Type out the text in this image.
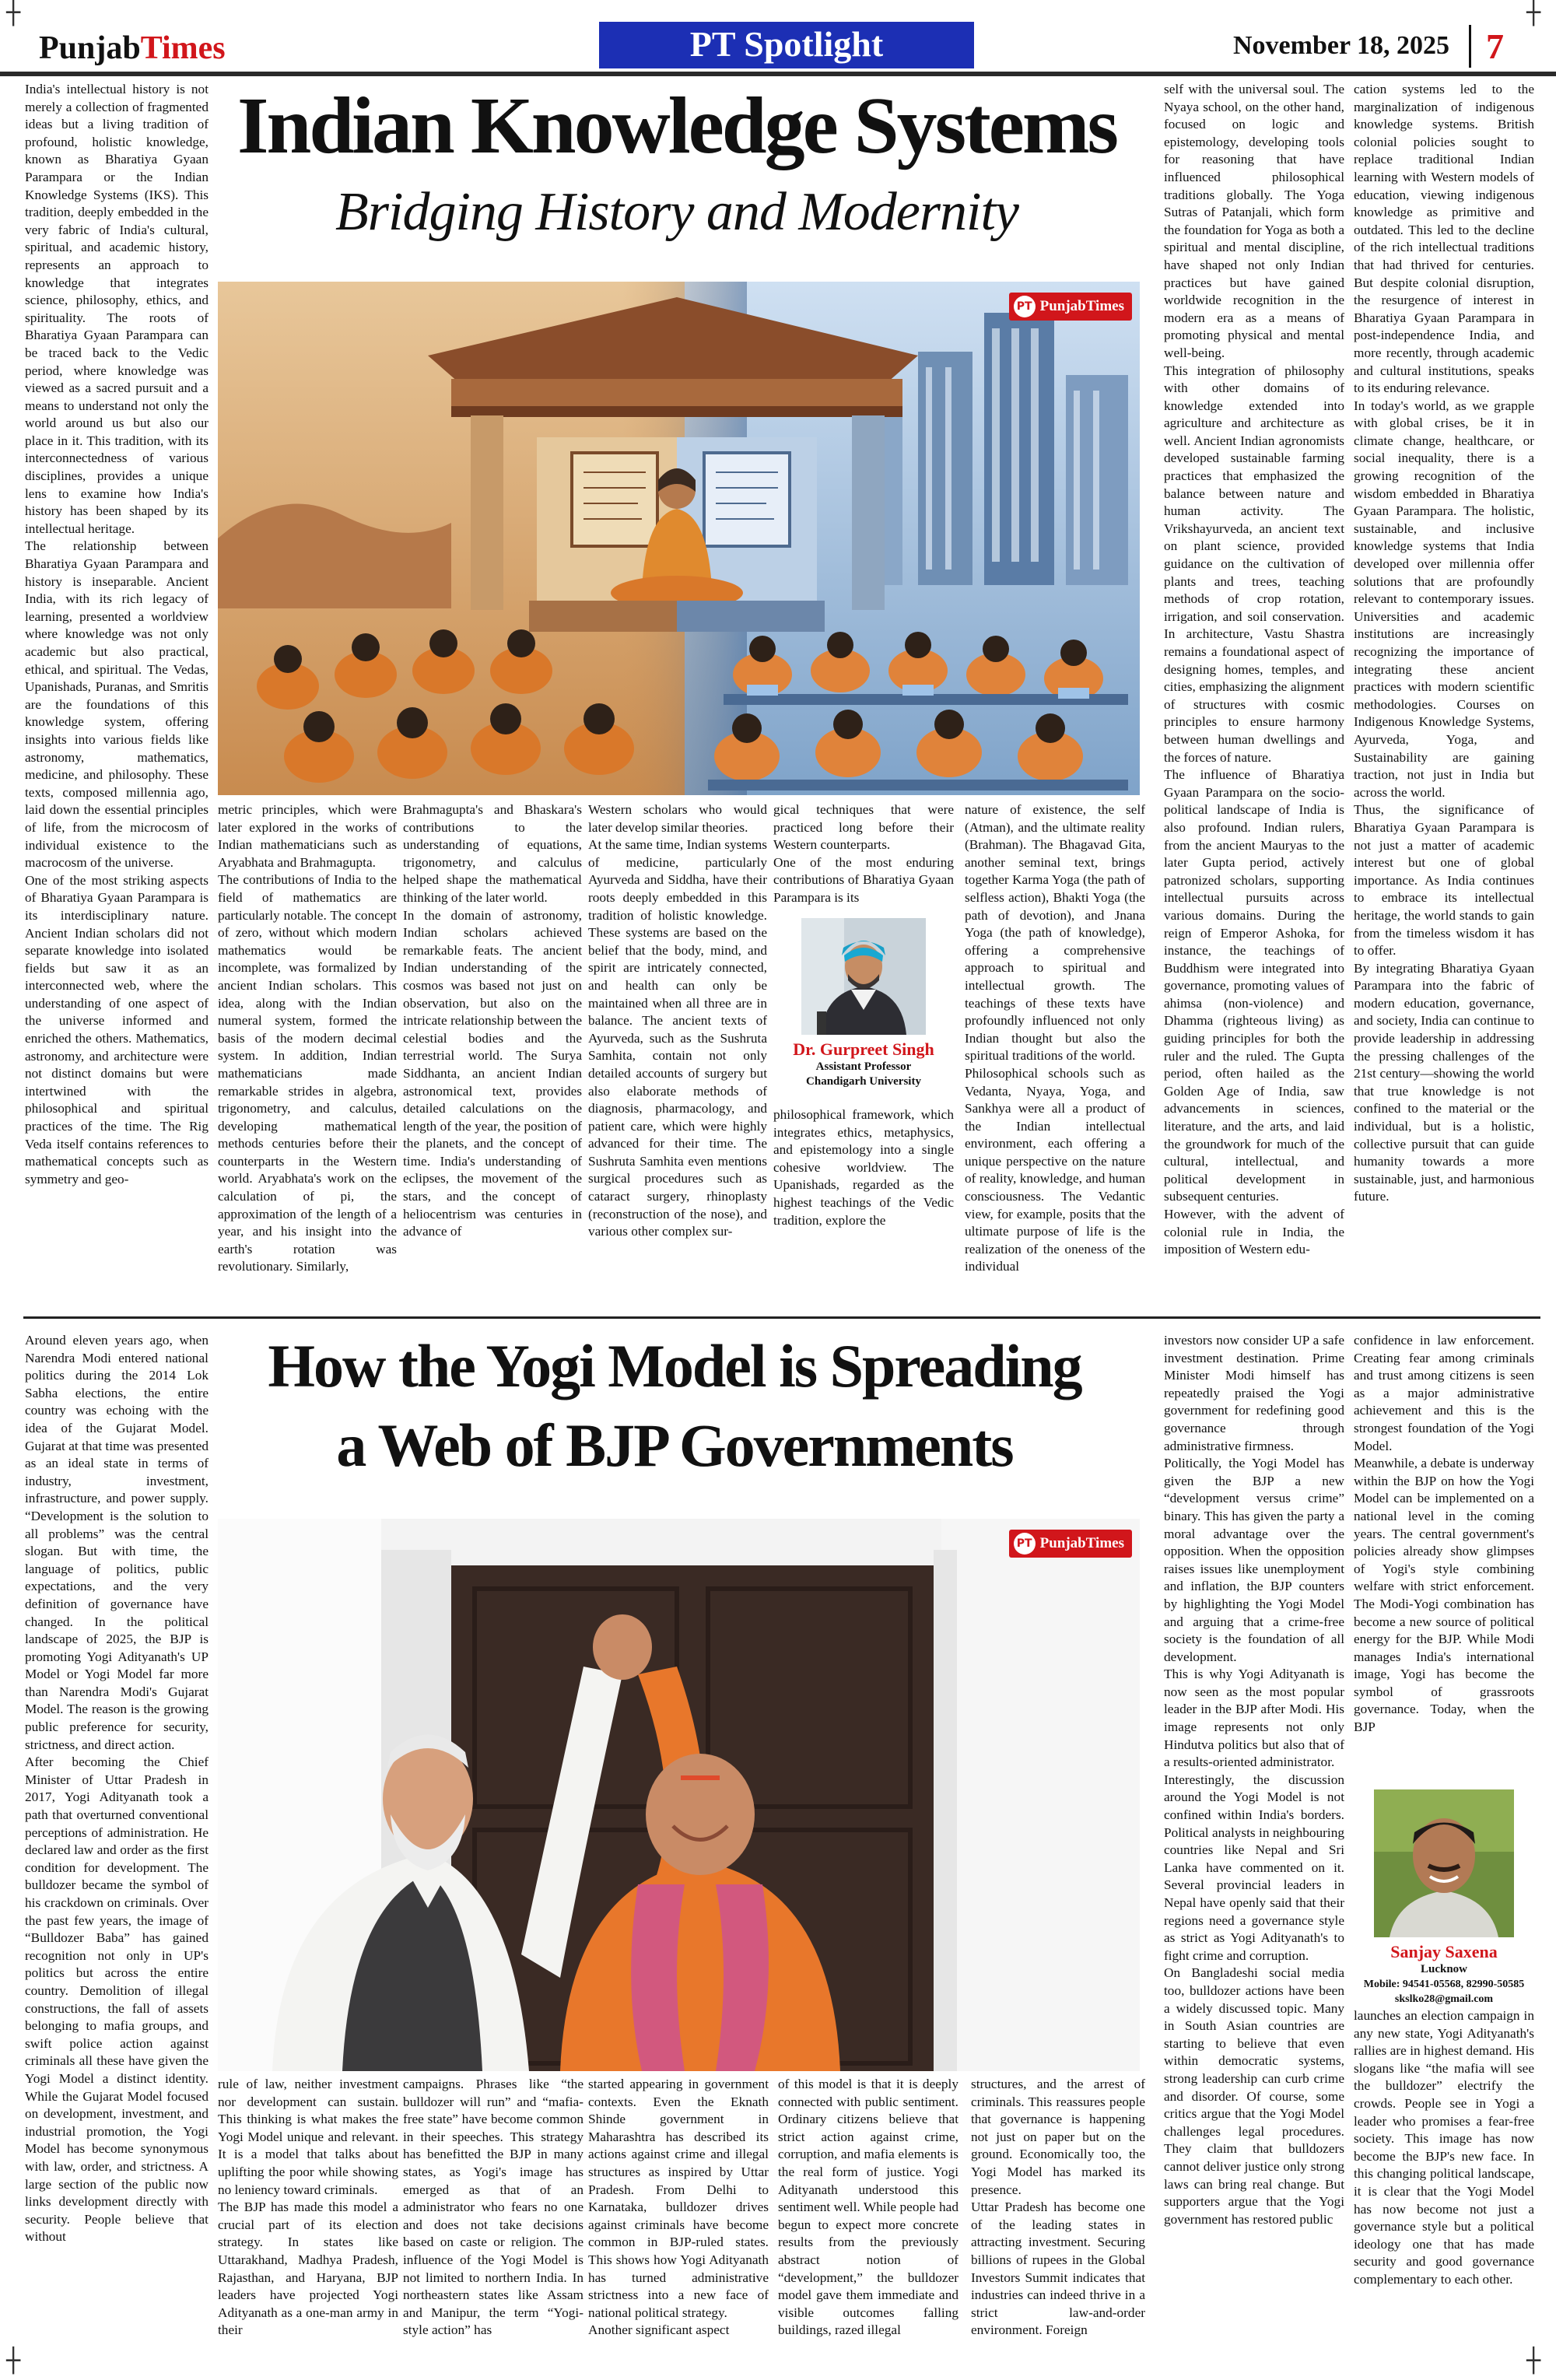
┼	┼
PunjabTimes	PT Spotlight	November 18, 2025 7
Indian Knowledge Systems
Bridging History and Modernity
India's intellectual history is not merely a collection of fragmented ideas but a living tradition of profound, holistic knowledge, known as Bharatiya Gyaan Parampara or the Indian Knowledge Systems (IKS). This tradition, deeply embedded in the very fabric of India's cultural, spiritual, and academic history, represents an approach to knowledge that integrates science, philosophy, ethics, and spirituality. The roots of Bharatiya Gyaan Parampara can be traced back to the Vedic period, where knowledge was viewed as a sacred pursuit and a means to understand not only the world around us but also our place in it. This tradition, with its interconnectedness of various disciplines, provides a unique lens to examine how India's history has been shaped by its intellectual heritage.
The relationship between Bharatiya Gyaan Parampara and history is inseparable. Ancient India, with its rich legacy of learning, presented a worldview where knowledge was not only academic but also practical, ethical, and spiritual. The Vedas, Upanishads, Puranas, and Smritis are the foundations of this knowledge system, offering insights into various fields like astronomy, mathematics, medicine, and philosophy. These texts, composed millennia ago, laid down the essential principles of life, from the microcosm of individual existence to the macrocosm of the universe.
One of the most striking aspects of Bharatiya Gyaan Parampara is its interdisciplinary nature. Ancient Indian scholars did not separate knowledge into isolated fields but saw it as an interconnected web, where the understanding of one aspect of the universe informed and enriched the others. Mathematics, astronomy, and architecture were not distinct domains but were intertwined with the philosophical and spiritual practices of the time. The Rig Veda itself contains references to mathematical concepts such as symmetry and geo-
PT PunjabTimes
metric principles, which were later explored in the works of Indian mathematicians such as Aryabhata and Brahmagupta.
The contributions of India to the field of mathematics are particularly notable. The concept of zero, without which modern mathematics would be incomplete, was formalized by ancient Indian scholars. This idea, along with the Indian numeral system, formed the basis of the modern decimal system. In addition, Indian mathematicians made remarkable strides in algebra, trigonometry, and calculus, developing mathematical methods centuries before their counterparts in the Western world. Aryabhata's work on the calculation of pi, the approximation of the length of a year, and his insight into the earth's rotation was revolutionary. Similarly,
Brahmagupta's and Bhaskara's contributions to the understanding of equations, trigonometry, and calculus helped shape the mathematical thinking of the later world.
In the domain of astronomy, Indian scholars achieved remarkable feats. The ancient Indian understanding of the cosmos was based not just on observation, but also on the intricate relationship between the celestial bodies and the terrestrial world. The Surya Siddhanta, an ancient Indian astronomical text, provides detailed calculations on the length of the year, the position of the planets, and the concept of time. India's understanding of eclipses, the movement of the stars, and the concept of heliocentrism was centuries in advance of
Western scholars who would later develop similar theories.
At the same time, Indian systems of medicine, particularly Ayurveda and Siddha, have their roots deeply embedded in this tradition of holistic knowledge. These systems are based on the belief that the body, mind, and spirit are intricately connected, and health can only be maintained when all three are in balance. The ancient texts of Ayurveda, such as the Sushruta Samhita, contain not only detailed accounts of surgery but also elaborate methods of diagnosis, pharmacology, and patient care, which were highly advanced for their time. The Sushruta Samhita even mentions surgical procedures such as cataract surgery, rhinoplasty (reconstruction of the nose), and various other complex sur-
gical techniques that were practiced long before their Western counterparts.
One of the most enduring contributions of Bharatiya Gyaan Parampara is its
Dr. Gurpreet Singh
Assistant Professor
Chandigarh University
philosophical framework, which integrates ethics, metaphysics, and epistemology into a single cohesive worldview. The Upanishads, regarded as the highest teachings of the Vedic tradition, explore the
nature of existence, the self (Atman), and the ultimate reality (Brahman). The Bhagavad Gita, another seminal text, brings together Karma Yoga (the path of selfless action), Bhakti Yoga (the path of devotion), and Jnana Yoga (the path of knowledge), offering a comprehensive approach to spiritual and intellectual growth. The teachings of these texts have profoundly influenced not only Indian thought but also the spiritual traditions of the world.
Philosophical schools such as Vedanta, Nyaya, Yoga, and Sankhya were all a product of the Indian intellectual environment, each offering a unique perspective on the nature of reality, knowledge, and human consciousness. The Vedantic view, for example, posits that the ultimate purpose of life is the realization of the oneness of the individual
self with the universal soul. The Nyaya school, on the other hand, focused on logic and epistemology, developing tools for reasoning that have influenced philosophical traditions globally. The Yoga Sutras of Patanjali, which form the foundation for Yoga as both a spiritual and mental discipline, have shaped not only Indian practices but have gained worldwide recognition in the modern era as a means of promoting physical and mental well-being.
This integration of philosophy with other domains of knowledge extended into agriculture and architecture as well. Ancient Indian agronomists developed sustainable farming practices that emphasized the balance between nature and human activity. The Vrikshayurveda, an ancient text on plant science, provided guidance on the cultivation of plants and trees, teaching methods of crop rotation, irrigation, and soil conservation. In architecture, Vastu Shastra remains a foundational aspect of designing homes, temples, and cities, emphasizing the alignment of structures with cosmic principles to ensure harmony between human dwellings and the forces of nature.
The influence of Bharatiya Gyaan Parampara on the socio-political landscape of India is also profound. Indian rulers, from the ancient Mauryas to the later Gupta period, actively patronized scholars, supporting intellectual pursuits across various domains. During the reign of Emperor Ashoka, for instance, the teachings of Buddhism were integrated into governance, promoting values of ahimsa (non-violence) and Dhamma (righteous living) as guiding principles for both the ruler and the ruled. The Gupta period, often hailed as the Golden Age of India, saw advancements in sciences, literature, and the arts, and laid the groundwork for much of the cultural, intellectual, and political development in subsequent centuries.
However, with the advent of colonial rule in India, the imposition of Western edu-
cation systems led to the marginalization of indigenous knowledge systems. British colonial policies sought to replace traditional Indian learning with Western models of education, viewing indigenous knowledge as primitive and outdated. This led to the decline of the rich intellectual traditions that had thrived for centuries. But despite colonial disruption, the resurgence of interest in Bharatiya Gyaan Parampara in post-independence India, and more recently, through academic and cultural institutions, speaks to its enduring relevance.
In today's world, as we grapple with global crises, be it in climate change, healthcare, or social inequality, there is a growing recognition of the wisdom embedded in Bharatiya Gyaan Parampara. The holistic, sustainable, and inclusive knowledge systems that India developed over millennia offer solutions that are profoundly relevant to contemporary issues. Universities and academic institutions are increasingly recognizing the importance of integrating these ancient practices with modern scientific methodologies. Courses on Indigenous Knowledge Systems, Ayurveda, Yoga, and Sustainability are gaining traction, not just in India but across the world.
Thus, the significance of Bharatiya Gyaan Parampara is not just a matter of academic interest but one of global importance. As India continues to embrace its intellectual heritage, the world stands to gain from the timeless wisdom it has to offer.
By integrating Bharatiya Gyaan Parampara into the fabric of modern education, governance, and society, India can continue to provide leadership in addressing the pressing challenges of the 21st century—showing the world that true knowledge is not confined to the material or the individual, but is a holistic, collective pursuit that can guide humanity towards a more sustainable, just, and harmonious future.
How the Yogi Model is Spreading
a Web of BJP Governments
Around eleven years ago, when Narendra Modi entered national politics during the 2014 Lok Sabha elections, the entire country was echoing with the idea of the Gujarat Model. Gujarat at that time was presented as an ideal state in terms of industry, investment, infrastructure, and power supply. “Development is the solution to all problems” was the central slogan. But with time, the language of politics, public expectations, and the very definition of governance have changed. In the political landscape of 2025, the BJP is promoting Yogi Adityanath's UP Model or Yogi Model far more than Narendra Modi's Gujarat Model. The reason is the growing public preference for security, strictness, and direct action.
After becoming the Chief Minister of Uttar Pradesh in 2017, Yogi Adityanath took a path that overturned conventional perceptions of administration. He declared law and order as the first condition for development. The bulldozer became the symbol of his crackdown on criminals. Over the past few years, the image of “Bulldozer Baba” has gained recognition not only in UP's politics but across the entire country. Demolition of illegal constructions, the fall of assets belonging to mafia groups, and swift police action against criminals all these have given the Yogi Model a distinct identity. While the Gujarat Model focused on development, investment, and industrial promotion, the Yogi Model has become synonymous with law, order, and strictness. A large section of the public now links development directly with security. People believe that without
PT PunjabTimes
rule of law, neither investment nor development can sustain. This thinking is what makes the Yogi Model unique and relevant. It is a model that talks about uplifting the poor while showing no leniency toward criminals.
The BJP has made this model a crucial part of its election strategy. In states like Uttarakhand, Madhya Pradesh, Rajasthan, and Haryana, BJP leaders have projected Yogi Adityanath as a one-man army in their
campaigns. Phrases like “the bulldozer will run” and “mafia-free state” have become common in their speeches. This strategy has benefitted the BJP in many states, as Yogi's image has emerged as that of an administrator who fears no one and does not take decisions based on caste or religion. The influence of the Yogi Model is not limited to northern India. In northeastern states like Assam and Manipur, the term “Yogi-style action” has
started appearing in government contexts. Even the Eknath Shinde government in Maharashtra has described its actions against crime and illegal structures as inspired by Uttar Pradesh. From Delhi to Karnataka, bulldozer drives against criminals have become common in BJP-ruled states. This shows how Yogi Adityanath has turned administrative strictness into a new face of national political strategy.
Another significant aspect
of this model is that it is deeply connected with public sentiment. Ordinary citizens believe that strict action against crime, corruption, and mafia elements is the real form of justice. Yogi Adityanath understood this sentiment well. While people had begun to expect more concrete results from the previously abstract notion of “development,” the bulldozer model gave them immediate and visible outcomes falling buildings, razed illegal
structures, and the arrest of criminals. This reassures people that governance is happening not just on paper but on the ground. Economically too, the Yogi Model has marked its presence.
Uttar Pradesh has become one of the leading states in attracting investment. Securing billions of rupees in the Global Investors Summit indicates that industries can indeed thrive in a strict law-and-order environment. Foreign
investors now consider UP a safe investment destination. Prime Minister Modi himself has repeatedly praised the Yogi government for redefining good governance through administrative firmness.
Politically, the Yogi Model has given the BJP a new “development versus crime” binary. This has given the party a moral advantage over the opposition. When the opposition raises issues like unemployment and inflation, the BJP counters by highlighting the Yogi Model and arguing that a crime-free society is the foundation of all development.
This is why Yogi Adityanath is now seen as the most popular leader in the BJP after Modi. His image represents not only Hindutva politics but also that of a results-oriented administrator.
Interestingly, the discussion around the Yogi Model is not confined within India's borders. Political analysts in neighbouring countries like Nepal and Sri Lanka have commented on it. Several provincial leaders in Nepal have openly said that their regions need a governance style as strict as Yogi Adityanath's to fight crime and corruption.
On Bangladeshi social media too, bulldozer actions have been a widely discussed topic. Many in South Asian countries are starting to believe that even within democratic systems, strong leadership can curb crime and disorder. Of course, some critics argue that the Yogi Model challenges legal procedures. They claim that bulldozers cannot deliver justice only strong laws can bring real change. But supporters argue that the Yogi government has restored public
confidence in law enforcement. Creating fear among criminals and trust among citizens is seen as a major administrative achievement and this is the strongest foundation of the Yogi Model.
Meanwhile, a debate is underway within the BJP on how the Yogi Model can be implemented on a national level in the coming years. The central government's policies already show glimpses of Yogi's style combining welfare with strict enforcement. The Modi-Yogi combination has become a new source of political energy for the BJP. While Modi manages India's international image, Yogi has become the symbol of grassroots governance. Today, when the BJP
Sanjay Saxena
Lucknow
Mobile: 94541-05568, 82990-50585
skslko28@gmail.com
launches an election campaign in any new state, Yogi Adityanath's rallies are in highest demand. His slogans like “the mafia will see the bulldozer” electrify the crowds. People see in Yogi a leader who promises a fear-free society. This image has now become the BJP's new face. In this changing political landscape, it is clear that the Yogi Model has now become not just a governance style but a political ideology one that has made security and good governance complementary to each other.
┼	┼
